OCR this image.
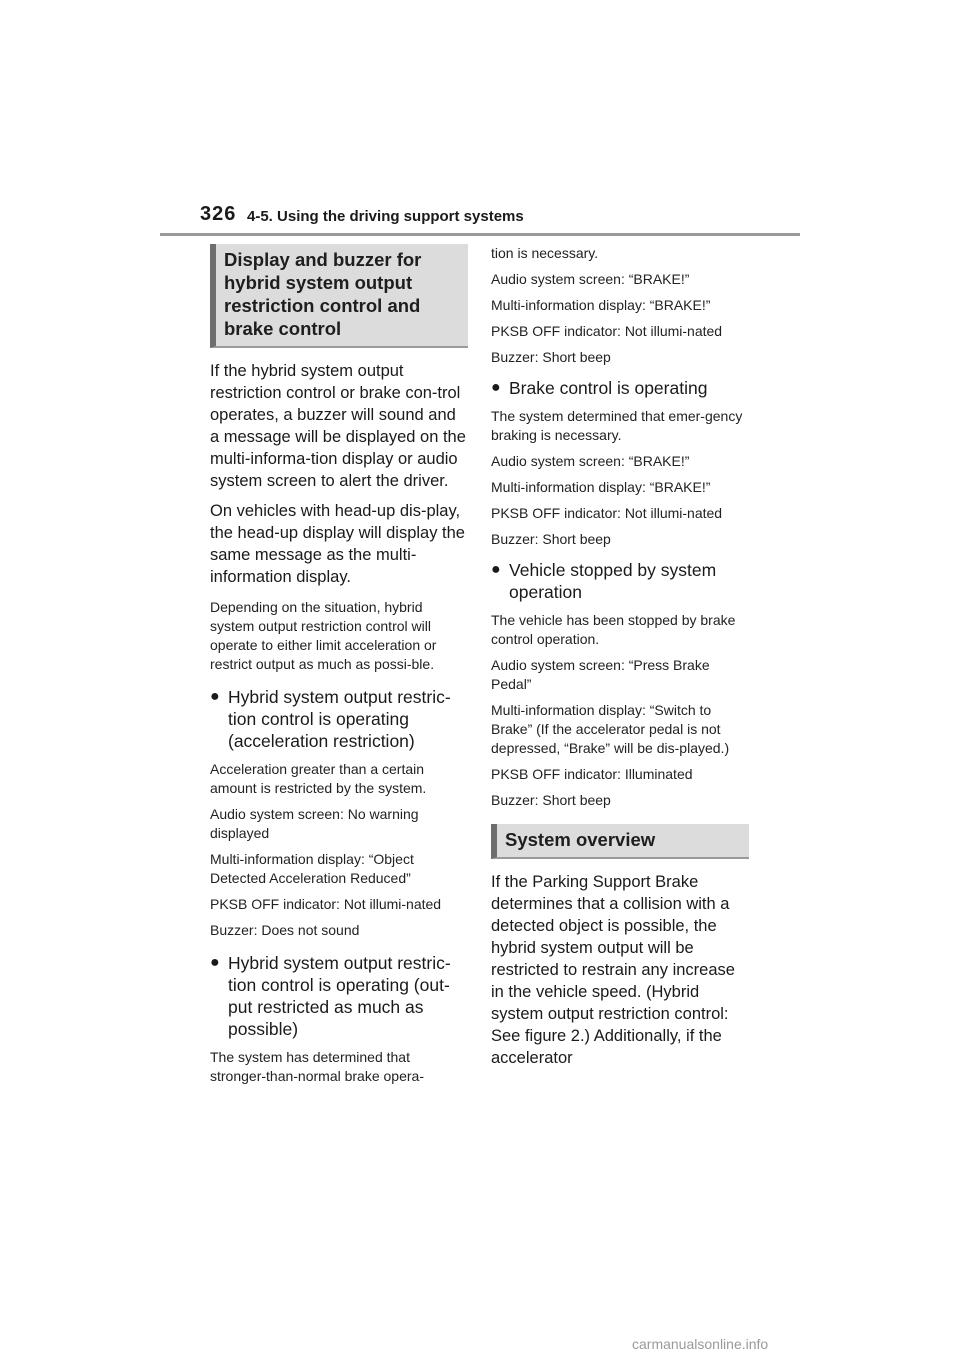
326 4-5. Using the driving support systems
Display and buzzer for hybrid system output restriction control and brake control

If the hybrid system output restriction control or brake con-trol operates, a buzzer will sound and a message will be displayed on the multi-informa-tion display or audio system screen to alert the driver.

On vehicles with head-up dis-play, the head-up display will display the same message as the multi-information display.

Depending on the situation, hybrid system output restriction control will operate to either limit acceleration or restrict output as much as possi-ble.

● Hybrid system output restric-tion control is operating (acceleration restriction)

Acceleration greater than a certain amount is restricted by the system.

Audio system screen: No warning displayed

Multi-information display: “Object Detected Acceleration Reduced”

PKSB OFF indicator: Not illumi-nated

Buzzer: Does not sound

● Hybrid system output restric-tion control is operating (out-put restricted as much as possible)

The system has determined that stronger-than-normal brake opera-

tion is necessary.

Audio system screen: “BRAKE!”

Multi-information display: “BRAKE!”

PKSB OFF indicator: Not illumi-nated

Buzzer: Short beep

● Brake control is operating

The system determined that emer-gency braking is necessary.

Audio system screen: “BRAKE!”

Multi-information display: “BRAKE!”

PKSB OFF indicator: Not illumi-nated

Buzzer: Short beep

● Vehicle stopped by system operation

The vehicle has been stopped by brake control operation.

Audio system screen: “Press Brake Pedal”

Multi-information display: “Switch to Brake” (If the accelerator pedal is not depressed, “Brake” will be dis-played.)

PKSB OFF indicator: Illuminated

Buzzer: Short beep

System overview

If the Parking Support Brake determines that a collision with a detected object is possible, the hybrid system output will be restricted to restrain any increase in the vehicle speed. (Hybrid system output restriction control: See figure 2.) Additionally, if the accelerator

carmanualsonline.info
